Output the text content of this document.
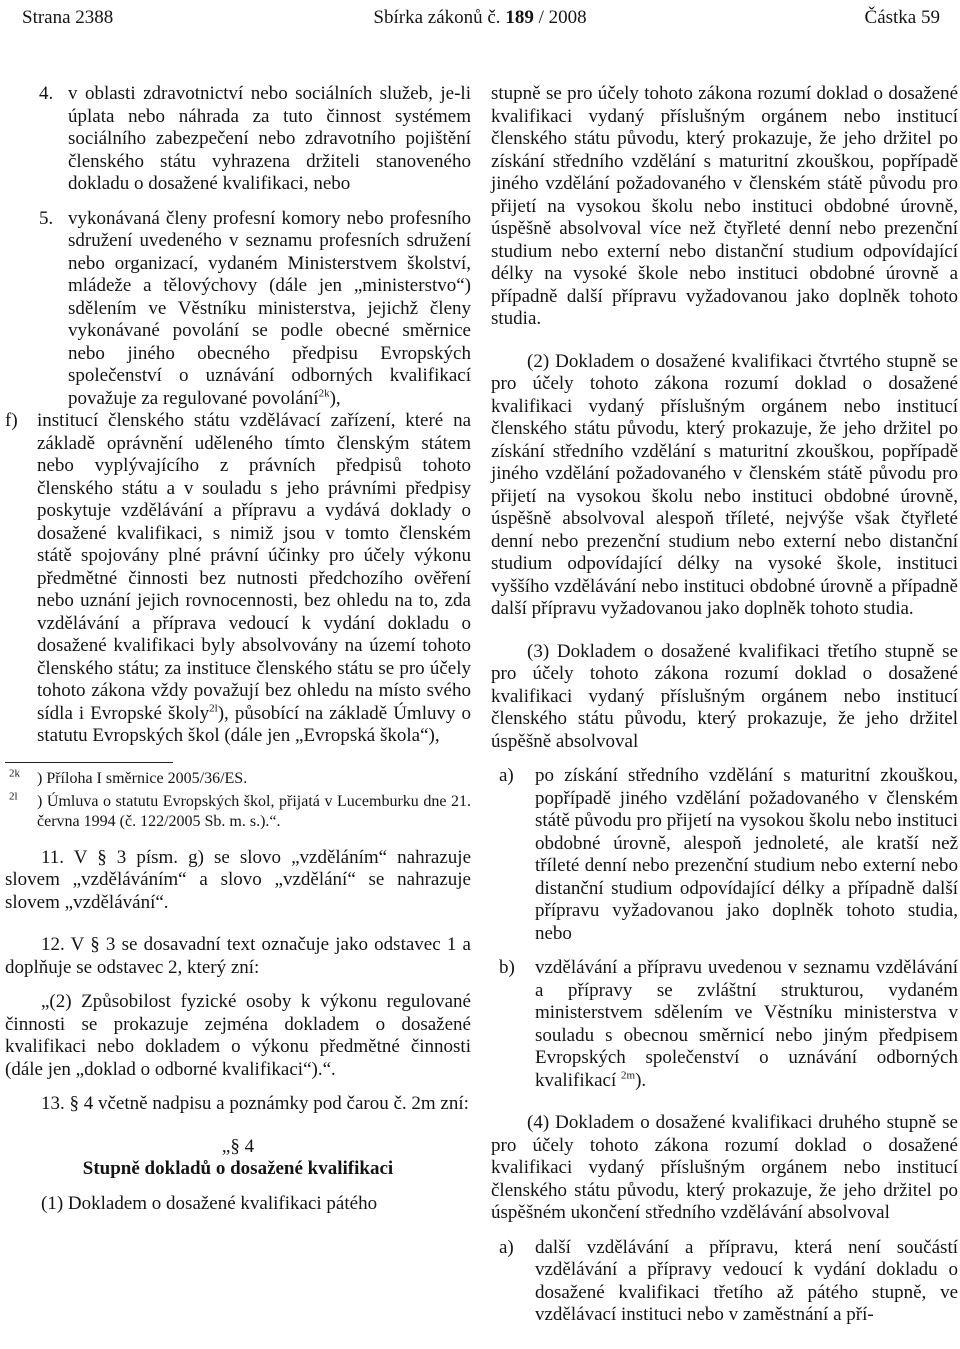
Strana 2388	Sbírka zákonů č. 189 / 2008	Částka 59
4. v oblasti zdravotnictví nebo sociálních služeb, je-li úplata nebo náhrada za tuto činnost systémem sociálního zabezpečení nebo zdravotního pojištění členského státu vyhrazena držiteli stanoveného dokladu o dosažené kvalifikaci, nebo
5. vykonávaná členy profesní komory nebo profesního sdružení uvedeného v seznamu profesních sdružení nebo organizací, vydaném Ministerstvem školství, mládeže a tělovýchovy (dále jen „ministerstvo“) sdělením ve Věstníku ministerstva, jejichž členy vykonávané povolání se podle obecné směrnice nebo jiného obecného předpisu Evropských společenství o uznávání odborných kvalifikací považuje za regulované povolání$^{2k}$),
f)	institucí členského státu vzdělávací zařízení, které na základě oprávnění uděleného tímto členským státem nebo vyplývajícího z právních předpisů tohoto členského státu a v souladu s jeho právními předpisy poskytuje vzdělávání a přípravu a vydává doklady o dosažené kvalifikaci, s nimiž jsou v tomto členském státě spojovány plné právní účinky pro účely výkonu předmětné činnosti bez nutnosti předchozího ověření nebo uznání jejich rovnocennosti, bez ohledu na to, zda vzdělávání a příprava vedoucí k vydání dokladu o dosažené kvalifikaci byly absolvovány na území tohoto členského státu; za instituce členského státu se pro účely tohoto zákona vždy považují bez ohledu na místo svého sídla i Evropské školy$^{2l}$), působící na základě Úmluvy o statutu Evropských škol (dále jen „Evropská škola“),
$^{2k}$ ) Příloha I směrnice 2005/36/ES.
$^{2l}$ ) Úmluva o statutu Evropských škol, přijatá v Lucemburku dne 21. června 1994 (č. 122/2005 Sb. m. s.).“.
11. V § 3 písm. g) se slovo „vzděláním“ nahrazuje slovem „vzděláváním“ a slovo „vzdělání“ se nahrazuje slovem „vzdělávání“.
12. V § 3 se dosavadní text označuje jako odstavec 1 a doplňuje se odstavec 2, který zní:
„(2) Způsobilost fyzické osoby k výkonu regulované činnosti se prokazuje zejména dokladem o dosažené kvalifikaci nebo dokladem o výkonu předmětné činnosti (dále jen „doklad o odborné kvalifikaci“).“.
13. § 4 včetně nadpisu a poznámky pod čarou č. 2m zní:
„§ 4
Stupně dokladů o dosažené kvalifikaci
(1) Dokladem o dosažené kvalifikaci pátého
stupně se pro účely tohoto zákona rozumí doklad o dosažené kvalifikaci vydaný příslušným orgánem nebo institucí členského státu původu, který prokazuje, že jeho držitel po získání středního vzdělání s maturitní zkouškou, popřípadě jiného vzdělání požadovaného v členském státě původu pro přijetí na vysokou školu nebo instituci obdobné úrovně, úspěšně absolvoval více než čtyřleté denní nebo prezenční studium nebo externí nebo distanční studium odpovídající délky na vysoké škole nebo instituci obdobné úrovně a případně další přípravu vyžadovanou jako doplněk tohoto studia.
(2) Dokladem o dosažené kvalifikaci čtvrtého stupně se pro účely tohoto zákona rozumí doklad o dosažené kvalifikaci vydaný příslušným orgánem nebo institucí členského státu původu, který prokazuje, že jeho držitel po získání středního vzdělání s maturitní zkouškou, popřípadě jiného vzdělání požadovaného v členském státě původu pro přijetí na vysokou školu nebo instituci obdobné úrovně, úspěšně absolvoval alespoň tříleté, nejvýše však čtyřleté denní nebo prezenční studium nebo externí nebo distanční studium odpovídající délky na vysoké škole, instituci vyššího vzdělávání nebo instituci obdobné úrovně a případně další přípravu vyžadovanou jako doplněk tohoto studia.
(3) Dokladem o dosažené kvalifikaci třetího stupně se pro účely tohoto zákona rozumí doklad o dosažené kvalifikaci vydaný příslušným orgánem nebo institucí členského státu původu, který prokazuje, že jeho držitel úspěšně absolvoval
a)	po získání středního vzdělání s maturitní zkouškou, popřípadě jiného vzdělání požadovaného v členském státě původu pro přijetí na vysokou školu nebo instituci obdobné úrovně, alespoň jednoleté, ale kratší než tříleté denní nebo prezenční studium nebo externí nebo distanční studium odpovídající délky a případně další přípravu vyžadovanou jako doplněk tohoto studia, nebo
b)	vzdělávání a přípravu uvedenou v seznamu vzdělávání a přípravy se zvláštní strukturou, vydaném ministerstvem sdělením ve Věstníku ministerstva v souladu s obecnou směrnicí nebo jiným předpisem Evropských společenství o uznávání odborných kvalifikací $^{2m}$).
(4) Dokladem o dosažené kvalifikaci druhého stupně se pro účely tohoto zákona rozumí doklad o dosažené kvalifikaci vydaný příslušným orgánem nebo institucí členského státu původu, který prokazuje, že jeho držitel po úspěšném ukončení středního vzdělávání absolvoval
a)	další vzdělávání a přípravu, která není součástí vzdělávání a přípravy vedoucí k vydání dokladu o dosažené kvalifikaci třetího až pátého stupně, ve vzdělávací instituci nebo v zaměstnání a pří-
